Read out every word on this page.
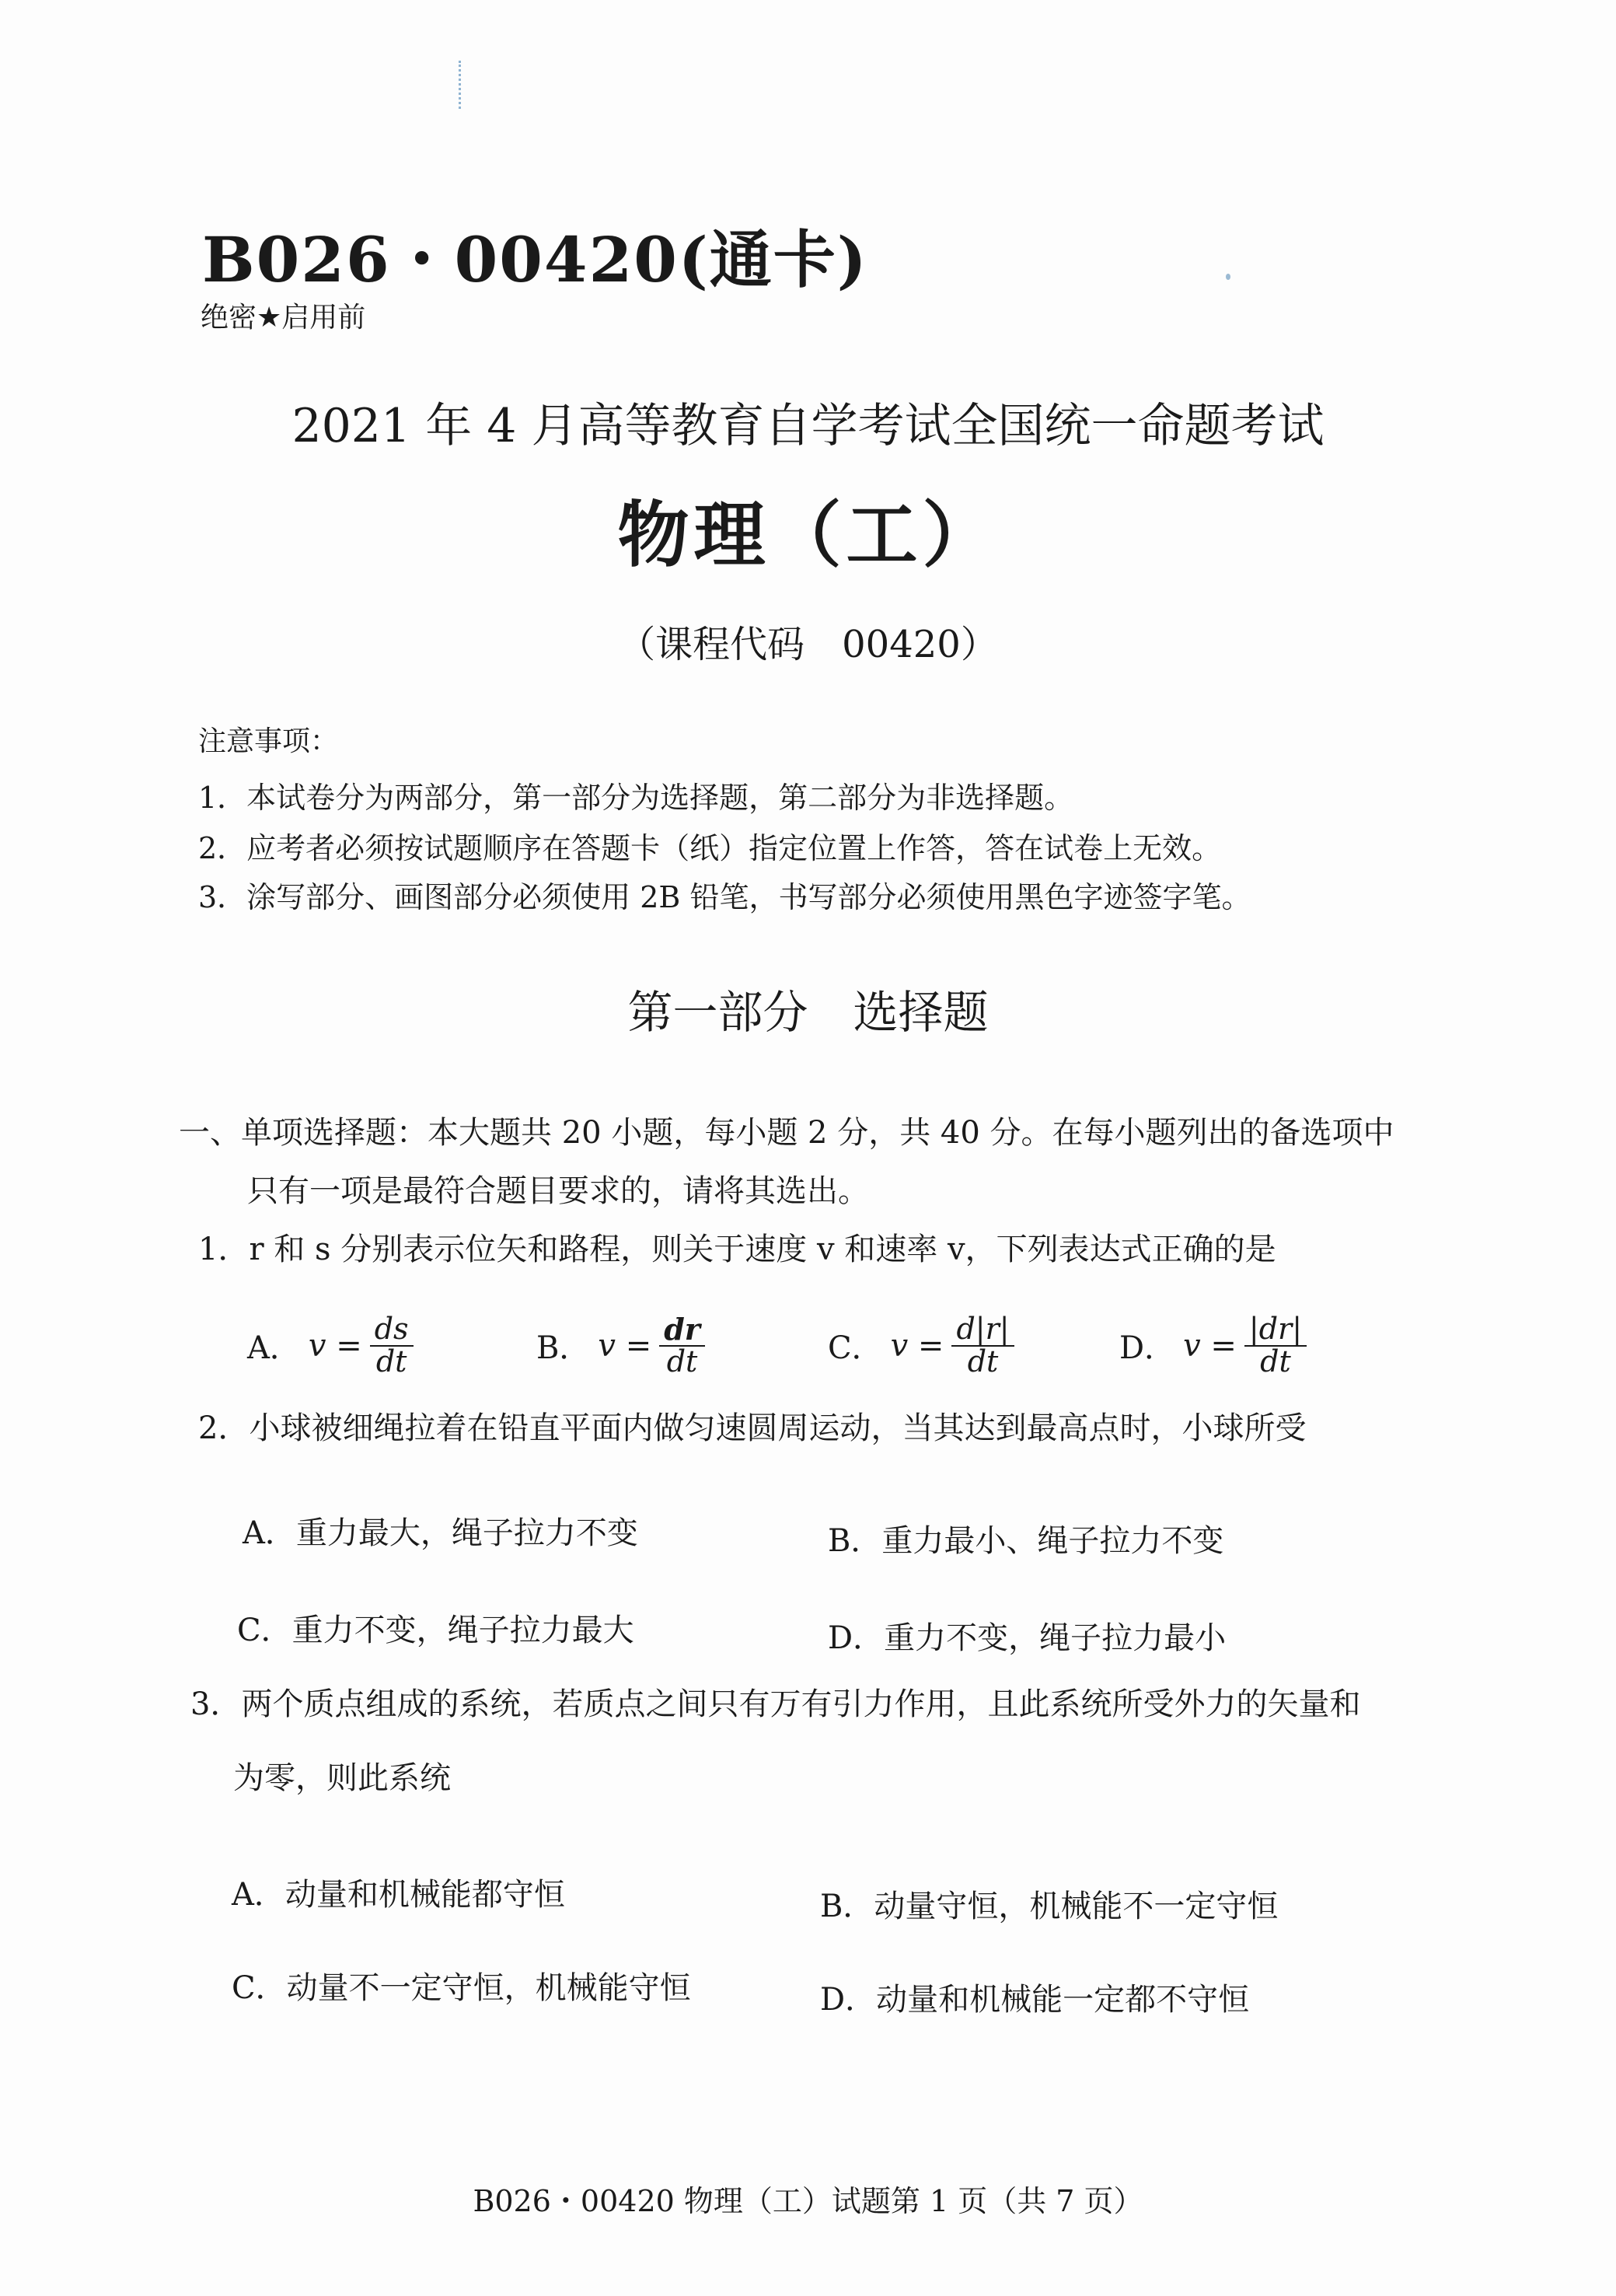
B026・00420(通卡)
绝密★启用前
2021 年 4 月高等教育自学考试全国统一命题考试
物理（工）
（课程代码　00420）
注意事项：
1．本试卷分为两部分，第一部分为选择题，第二部分为非选择题。
2．应考者必须按试题顺序在答题卡（纸）指定位置上作答，答在试卷上无效。
3．涂写部分、画图部分必须使用 2B 铅笔，书写部分必须使用黑色字迹签字笔。
第一部分　选择题
一、单项选择题：本大题共 20 小题，每小题 2 分，共 40 分。在每小题列出的备选项中
只有一项是最符合题目要求的，请将其选出。
1．r 和 s 分别表示位矢和路程，则关于速度 v 和速率 v，下列表达式正确的是
A． $v = \frac{ds}{dt}$	B． $v = \frac{dr}{dt}$	C． $v = \frac{d|r|}{dt}$	D． $v = \frac{|dr|}{dt}$
2．小球被细绳拉着在铅直平面内做匀速圆周运动，当其达到最高点时，小球所受
A．重力最大，绳子拉力不变	B．重力最小、绳子拉力不变
C．重力不变，绳子拉力最大	D．重力不变，绳子拉力最小
3．两个质点组成的系统，若质点之间只有万有引力作用，且此系统所受外力的矢量和
为零，则此系统
A．动量和机械能都守恒	B．动量守恒，机械能不一定守恒
C．动量不一定守恒，机械能守恒	D．动量和机械能一定都不守恒
B026・00420 物理（工）试题第 1 页（共 7 页）
